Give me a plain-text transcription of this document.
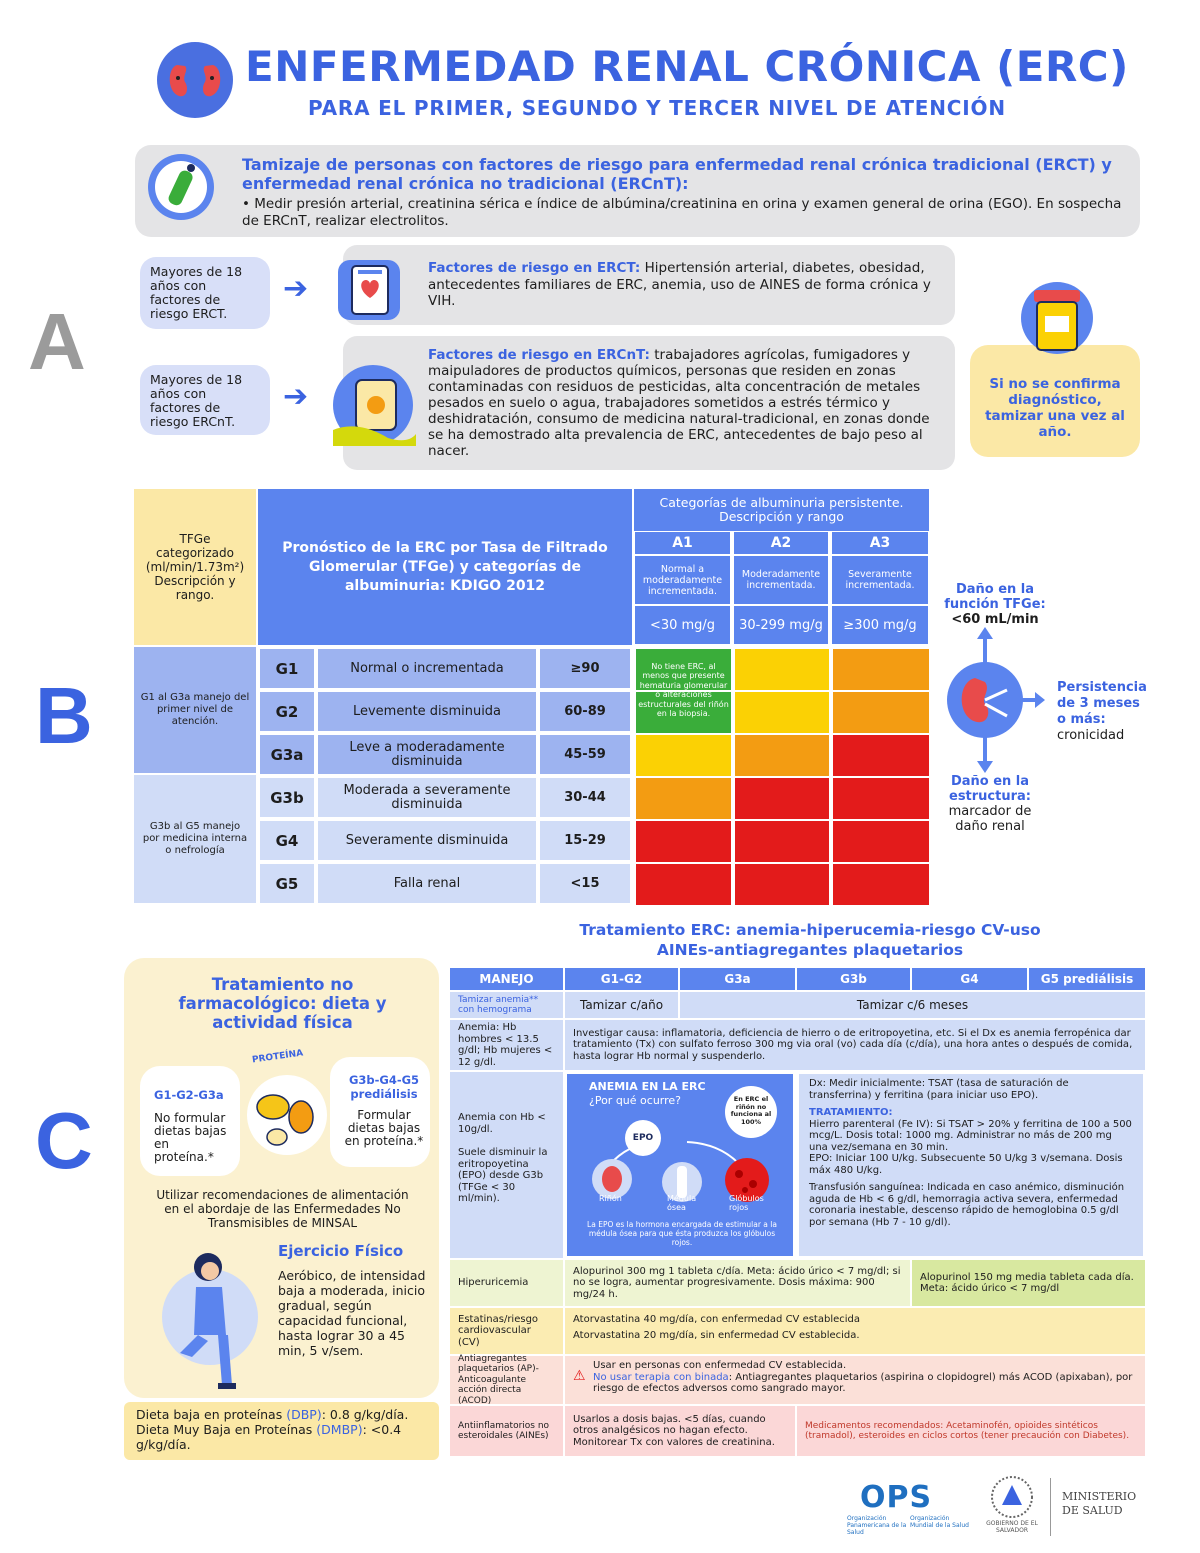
ENFERMEDAD RENAL CRÓNICA (ERC)
PARA EL PRIMER, SEGUNDO Y TERCER NIVEL DE ATENCIÓN
Tamizaje de personas con factores de riesgo para enfermedad renal crónica tradicional (ERCT) y enfermedad renal crónica no tradicional (ERCnT):
• Medir presión arterial, creatinina sérica e índice de albúmina/creatinina en orina y examen general de orina (EGO). En sospecha de ERCnT, realizar electrolitos.
A
B
C
Mayores de 18 años con factores de riesgo ERCT.
Mayores de 18 años con factores de riesgo ERCnT.
➔
➔
Factores de riesgo en ERCT: Hipertensión arterial, diabetes, obesidad, antecedentes familiares de ERC, anemia, uso de AINES de forma crónica y VIH.
Factores de riesgo en ERCnT: trabajadores agrícolas, fumigadores y maipuladores de productos químicos, personas que residen en zonas contaminadas con residuos de pesticidas, alta concentración de metales pesados en suelo o agua, trabajadores sometidos a estrés térmico y deshidratación, consumo de medicina natural-tradicional, en zonas donde se ha demostrado alta prevalencia de ERC, antecedentes de bajo peso al nacer.
Si no se confirma diagnóstico, tamizar una vez al año.
TFGe categorizado (ml/min/1.73m²) Descripción y rango.
Pronóstico de la ERC por Tasa de Filtrado Glomerular (TFGe) y categorías de albuminuria: KDIGO 2012
Categorías de albuminuria persistente. Descripción y rango
A1
Normal a moderadamente incrementada.
<30 mg/g
A2
Moderadamente incrementada.
30-299 mg/g
A3
Severamente incrementada.
≥300 mg/g
G1 al G3a manejo del primer nivel de atención.
G3b al G5 manejo por medicina interna o nefrología
G1	Normal o incrementada	≥90
G2	Levemente disminuida	60-89
G3a	Leve a moderadamente disminuida	45-59
G3b	Moderada a severamente disminuida	30-44
G4	Severamente disminuida	15-29
G5	Falla renal	<15
No tiene ERC, al menos que presente hematuria glomerular o alteraciones estructurales del riñón en la biopsia.
Daño en la función TFGe:
<60 mL/min
Persistencia de 3 meses o más:
cronicidad
Daño en la estructura:
marcador de daño renal
Tratamiento ERC: anemia-hiperucemia-riesgo CV-uso AINEs-antiagregantes plaquetarios
Tratamiento no farmacológico: dieta y actividad física
G1-G2-G3a
No formular dietas bajas en proteína.*
G3b-G4-G5 prediálisis
Formular dietas bajas en proteína.*
PROTEÍNA
Utilizar recomendaciones de alimentación en el abordaje de las Enfermedades No Transmisibles de MINSAL
Ejercicio Físico
Aeróbico, de intensidad baja a moderada, inicio gradual, según capacidad funcional, hasta lograr 30 a 45 min, 5 v/sem.
Dieta baja en proteínas (DBP): 0.8 g/kg/día.
Dieta Muy Baja en Proteínas (DMBP): <0.4 g/kg/día.
MANEJO	G1-G2	G3a	G3b	G4	G5 prediálisis
Tamizar anemia** con hemograma	Tamizar c/año	Tamizar c/6 meses
Anemia: Hb hombres < 13.5 g/dl; Hb mujeres < 12 g/dl.
Investigar causa: inflamatoria, deficiencia de hierro o de eritropoyetina, etc. Si el Dx es anemia ferropénica dar tratamiento (Tx) con sulfato ferroso 300 mg via oral (vo) cada día (c/día), una hora antes o después de comida, hasta lograr Hb normal y suspenderlo.
Anemia con Hb < 10g/dl.
Suele disminuir la eritropoyetina (EPO) desde G3b (TFGe < 30 ml/min).
ANEMIA EN LA ERC
¿Por qué ocurre?	En ERC el riñón no funciona al 100%
EPO
Riñón	Médula ósea
Glóbulos rojos
La EPO es la hormona encargada de estimular a la médula ósea para que ésta produzca los glóbulos rojos.
Dx: Medir inicialmente: TSAT (tasa de saturación de transferrina) y ferritina (para iniciar uso EPO).
TRATAMIENTO:
Hierro parenteral (Fe IV): Si TSAT > 20% y ferritina de 100 a 500 mcg/L. Dosis total: 1000 mg. Administrar no más de 200 mg una vez/semana en 30 min.
EPO: Iniciar 100 U/kg. Subsecuente 50 U/kg 3 v/semana. Dosis máx 480 U/kg.
Transfusión sanguínea: Indicada en caso anémico, disminución aguda de Hb < 6 g/dl, hemorragia activa severa, enfermedad coronaria inestable, descenso rápido de hemoglobina 0.5 g/dl por semana (Hb 7 - 10 g/dl).
Hiperuricemia
Alopurinol 300 mg 1 tableta c/día. Meta: ácido úrico < 7 mg/dl; si no se logra, aumentar progresivamente. Dosis máxima: 900 mg/24 h.
Alopurinol 150 mg media tableta cada día. Meta: ácido úrico < 7 mg/dl
Estatinas/riesgo cardiovascular (CV)
Atorvastatina 40 mg/día, con enfermedad CV establecida
Atorvastatina 20 mg/día, sin enfermedad CV establecida.
Antiagregantes plaquetarios (AP)- Anticoagulante acción directa (ACOD)
⚠
Usar en personas con enfermedad CV establecida.
No usar terapia con binada: Antiagregantes plaquetarios (aspirina o clopidogrel) más ACOD (apixaban), por riesgo de efectos adversos como sangrado mayor.
Antiinflamatorios no esteroidales (AINEs)
Usarlos a dosis bajas. <5 días, cuando otros analgésicos no hagan efecto. Monitorear Tx con valores de creatinina.
Medicamentos recomendados: Acetaminofén, opioides sintéticos (tramadol), esteroides en ciclos cortos (tener precaución con Diabetes).
OPS
Organización Panamericana de la Salud
Organización Mundial de la Salud	GOBIERNO DE EL SALVADOR
MINISTERIO DE SALUD
